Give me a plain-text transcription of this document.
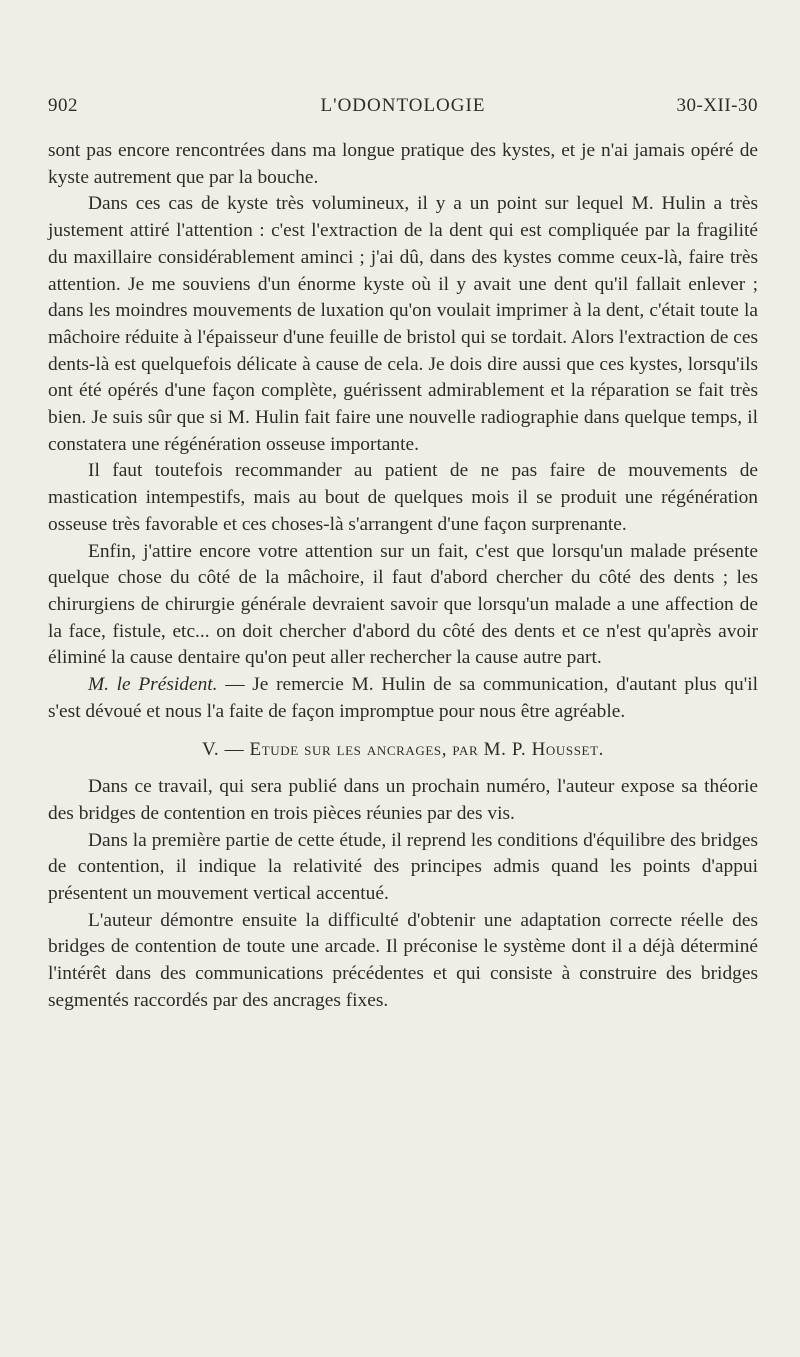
902	L'ODONTOLOGIE	30-XII-30

sont pas encore rencontrées dans ma longue pratique des kystes, et je n'ai jamais opéré de kyste autrement que par la bouche.

Dans ces cas de kyste très volumineux, il y a un point sur lequel M. Hulin a très justement attiré l'attention : c'est l'extraction de la dent qui est compliquée par la fragilité du maxillaire considérablement aminci ; j'ai dû, dans des kystes comme ceux-là, faire très attention. Je me souviens d'un énorme kyste où il y avait une dent qu'il fallait enlever ; dans les moindres mouvements de luxation qu'on voulait imprimer à la dent, c'était toute la mâchoire réduite à l'épaisseur d'une feuille de bristol qui se tordait. Alors l'extraction de ces dents-là est quelquefois délicate à cause de cela. Je dois dire aussi que ces kystes, lorsqu'ils ont été opérés d'une façon complète, guérissent admirablement et la réparation se fait très bien. Je suis sûr que si M. Hulin fait faire une nouvelle radiographie dans quelque temps, il constatera une régénération osseuse importante.

Il faut toutefois recommander au patient de ne pas faire de mouvements de mastication intempestifs, mais au bout de quelques mois il se produit une régénération osseuse très favorable et ces choses-là s'arrangent d'une façon surprenante.

Enfin, j'attire encore votre attention sur un fait, c'est que lorsqu'un malade présente quelque chose du côté de la mâchoire, il faut d'abord chercher du côté des dents ; les chirurgiens de chirurgie générale devraient savoir que lorsqu'un malade a une affection de la face, fistule, etc... on doit chercher d'abord du côté des dents et ce n'est qu'après avoir éliminé la cause dentaire qu'on peut aller rechercher la cause autre part.

M. le Président. — Je remercie M. Hulin de sa communication, d'autant plus qu'il s'est dévoué et nous l'a faite de façon impromptue pour nous être agréable.

V. — Etude sur les ancrages, par M. P. Housset.

Dans ce travail, qui sera publié dans un prochain numéro, l'auteur expose sa théorie des bridges de contention en trois pièces réunies par des vis.

Dans la première partie de cette étude, il reprend les conditions d'équilibre des bridges de contention, il indique la relativité des principes admis quand les points d'appui présentent un mouvement vertical accentué.

L'auteur démontre ensuite la difficulté d'obtenir une adaptation correcte réelle des bridges de contention de toute une arcade. Il préconise le système dont il a déjà déterminé l'intérêt dans des communications précédentes et qui consiste à construire des bridges segmentés raccordés par des ancrages fixes.
